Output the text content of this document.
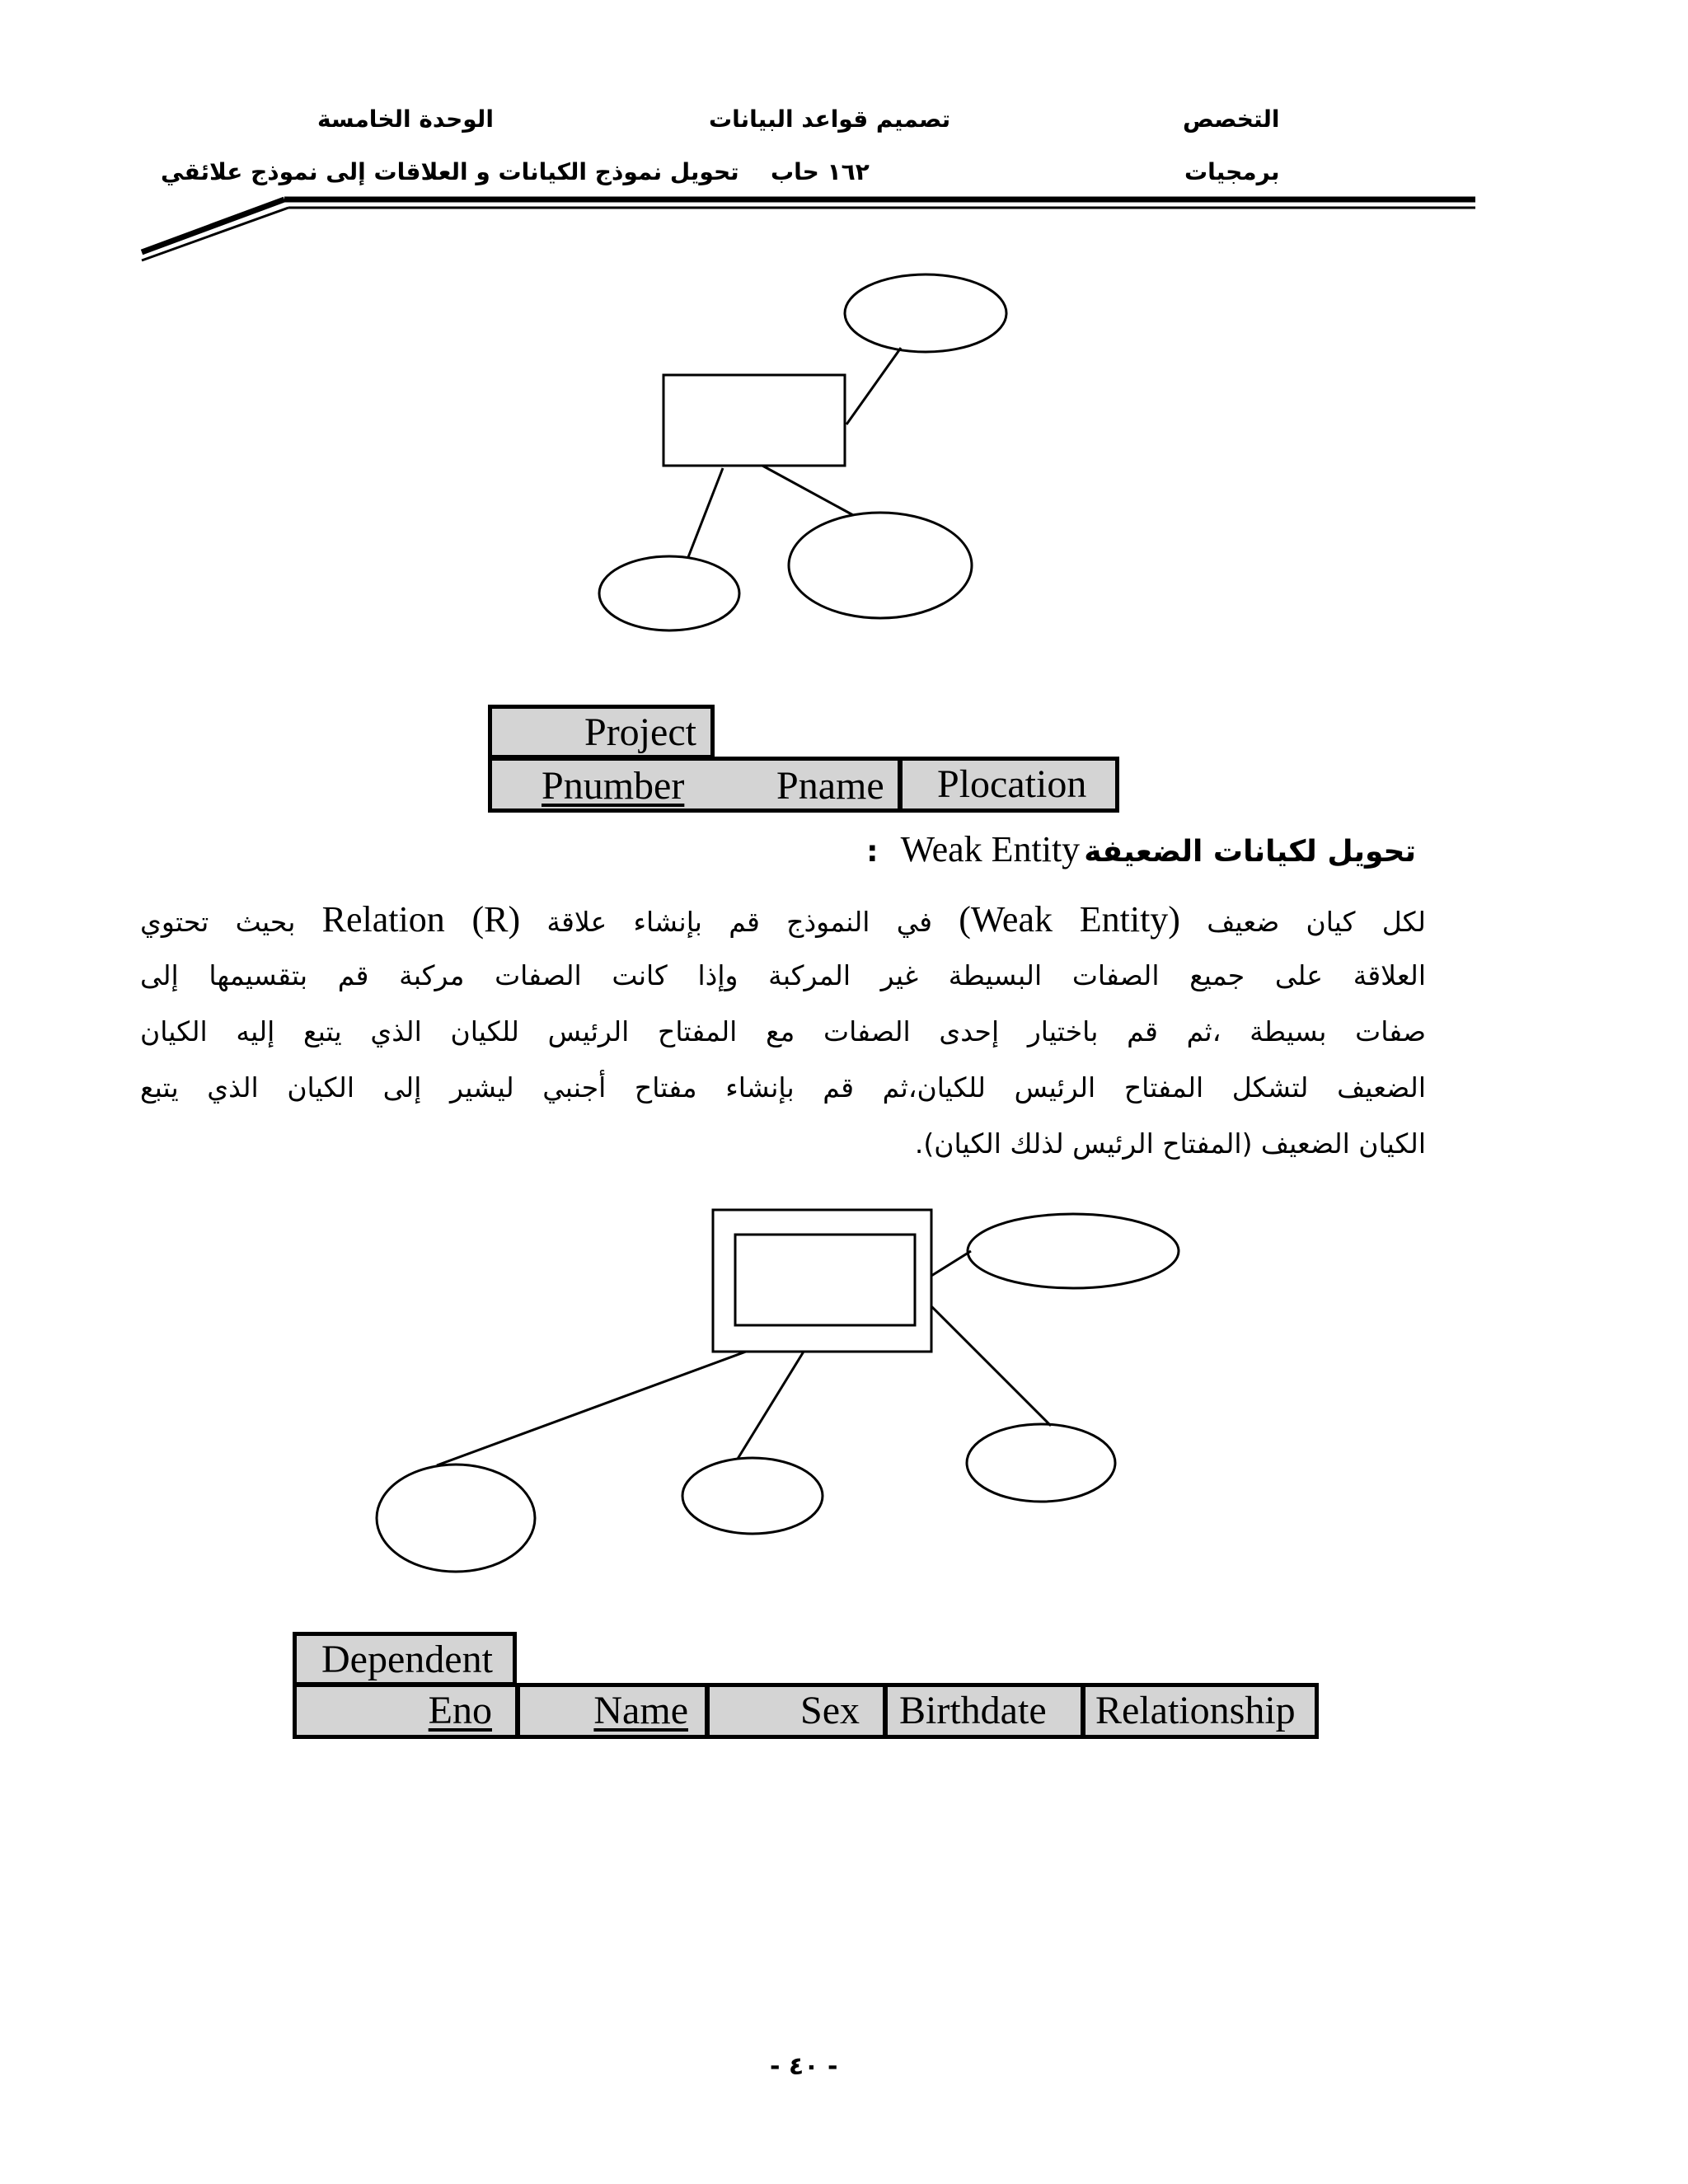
الوحدة الخامسة
تحويل نموذج الكيانات و العلاقات إلى نموذج علائقي
تصميم قواعد البيانات
١٦٢ حاب
التخصص
برمجيات
Project
Pnumber Pname	Plocation
تحويل لكيانات الضعيفة Weak Entity :
لكل كيان ضعيف (Weak Entity) في النموذج قم بإنشاء علاقة Relation (R) بحيث تحتوي
العلاقة على جميع الصفات البسيطة غير المركبة وإذا كانت الصفات مركبة قم بتقسيمها إلى
صفات بسيطة ،ثم قم باختيار إحدى الصفات مع المفتاح الرئيس للكيان الذي يتبع إليه الكيان
الضعيف لتشكل المفتاح الرئيس للكيان،ثم قم بإنشاء مفتاح أجنبي ليشير إلى الكيان الذي يتبع
الكيان الضعيف (المفتاح الرئيس لذلك الكيان).
Dependent
Eno	Name	Sex	Birthdate	Relationship
- ٤٠ -
